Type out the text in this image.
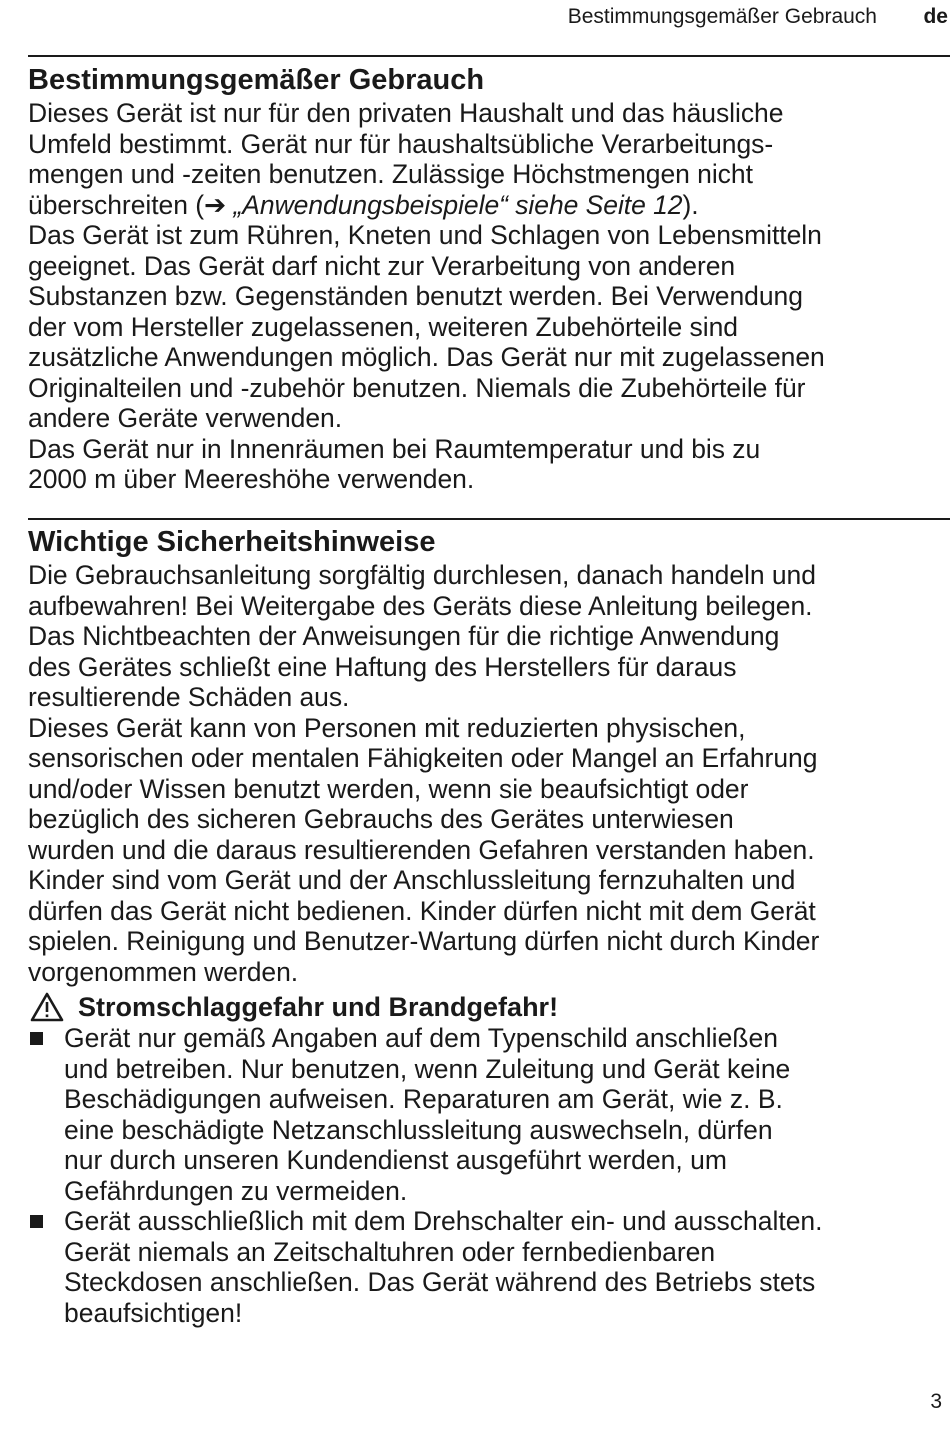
Bestimmungsgemäßer Gebrauch de
Bestimmungsgemäßer Gebrauch

Dieses Gerät ist nur für den privaten Haushalt und das häusliche

Umfeld bestimmt. Gerät nur für haushaltsübliche Verarbeitungs-

mengen und -zeiten benutzen. Zulässige Höchstmengen nicht

überschreiten (➔ „Anwendungsbeispiele“ siehe Seite 12).

Das Gerät ist zum Rühren, Kneten und Schlagen von Lebensmitteln

geeignet. Das Gerät darf nicht zur Verarbeitung von anderen

Substanzen bzw. Gegenständen benutzt werden. Bei Verwendung

der vom Hersteller zugelassenen, weiteren Zubehörteile sind

zusätzliche Anwendungen möglich. Das Gerät nur mit zugelassenen

Originalteilen und -zubehör benutzen. Niemals die Zubehörteile für

andere Geräte verwenden.

Das Gerät nur in Innenräumen bei Raumtemperatur und bis zu

2000 m über Meereshöhe verwenden.

Wichtige Sicherheitshinweise

Die Gebrauchsanleitung sorgfältig durchlesen, danach handeln und

aufbewahren! Bei Weitergabe des Geräts diese Anleitung beilegen.

Das Nichtbeachten der Anweisungen für die richtige Anwendung

des Gerätes schließt eine Haftung des Herstellers für daraus

resultierende Schäden aus.

Dieses Gerät kann von Personen mit reduzierten physischen,

sensorischen oder mentalen Fähigkeiten oder Mangel an Erfahrung

und/oder Wissen benutzt werden, wenn sie beaufsichtigt oder

bezüglich des sicheren Gebrauchs des Gerätes unterwiesen

wurden und die daraus resultierenden Gefahren verstanden haben.

Kinder sind vom Gerät und der Anschlussleitung fernzuhalten und

dürfen das Gerät nicht bedienen. Kinder dürfen nicht mit dem Gerät

spielen. Reinigung und Benutzer-Wartung dürfen nicht durch Kinder

vorgenommen werden.

Stromschlaggefahr und Brandgefahr!
Gerät nur gemäß Angaben auf dem Typenschild anschließen
und betreiben. Nur benutzen, wenn Zuleitung und Gerät keine
Beschädigungen aufweisen. Reparaturen am Gerät, wie z. B.
eine beschädigte Netzanschlussleitung auswechseln, dürfen
nur durch unseren Kundendienst ausgeführt werden, um
Gefährdungen zu vermeiden.
Gerät ausschließlich mit dem Drehschalter ein- und ausschalten.
Gerät niemals an Zeitschaltuhren oder fernbedienbaren
Steckdosen anschließen. Das Gerät während des Betriebs stets
beaufsichtigen!
3
